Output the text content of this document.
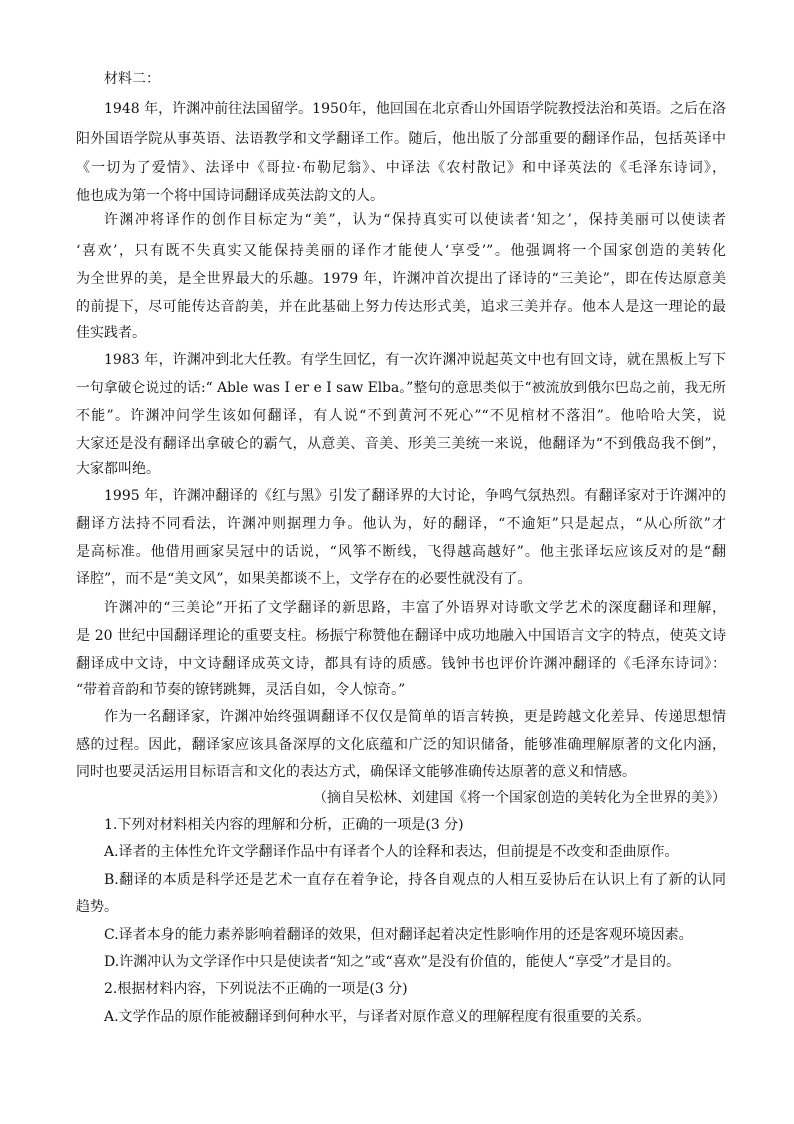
材料二：
1948 年，许渊冲前往法国留学。1950年，他回国在北京香山外国语学院教授法治和英语。之后在洛
阳外国语学院从事英语、法语教学和文学翻译工作。随后，他出版了分部重要的翻译作品，包括英译中
《一切为了爱情》、法译中《哥拉·布勒尼翁》、中译法《农村散记》和中译英法的《毛泽东诗词》，
他也成为第一个将中国诗词翻译成英法韵文的人。
许渊冲将译作的创作目标定为“美”，认为“保持真实可以使读者‘知之’，保持美丽可以使读者
‘喜欢’，只有既不失真实又能保持美丽的译作才能使人‘享受’”。他强调将一个国家创造的美转化
为全世界的美，是全世界最大的乐趣。1979 年，许渊冲首次提出了译诗的“三美论”，即在传达原意美
的前提下，尽可能传达音韵美，并在此基础上努力传达形式美，追求三美并存。他本人是这一理论的最
佳实践者。
1983 年，许渊冲到北大任教。有学生回忆，有一次许渊冲说起英文中也有回文诗，就在黑板上写下
一句拿破仑说过的话:“ Able was I er e I saw Elba。”整句的意思类似于“被流放到俄尔巴岛之前，我无所
不能”。许渊冲问学生该如何翻译，有人说“不到黄河不死心”“不见棺材不落泪”。他哈哈大笑，说
大家还是没有翻译出拿破仑的霸气，从意美、音美、形美三美统一来说，他翻译为“不到俄岛我不倒”，
大家都叫绝。
1995 年，许渊冲翻译的《红与黑》引发了翻译界的大讨论，争鸣气氛热烈。有翻译家对于许渊冲的
翻译方法持不同看法，许渊冲则据理力争。他认为，好的翻译，“不逾矩”只是起点，“从心所欲”才
是高标准。他借用画家吴冠中的话说，“风筝不断线，飞得越高越好”。他主张译坛应该反对的是“翻
译腔”，而不是“美文风”，如果美都谈不上，文学存在的必要性就没有了。
许渊冲的“三美论”开拓了文学翻译的新思路，丰富了外语界对诗歌文学艺术的深度翻译和理解，
是 20 世纪中国翻译理论的重要支柱。杨振宁称赞他在翻译中成功地融入中国语言文字的特点，使英文诗
翻译成中文诗，中文诗翻译成英文诗，都具有诗的质感。钱钟书也评价许渊冲翻译的《毛泽东诗词》：
“带着音韵和节奏的镣铐跳舞，灵活自如，令人惊奇。”
作为一名翻译家，许渊冲始终强调翻译不仅仅是简单的语言转换，更是跨越文化差异、传递思想情
感的过程。因此，翻译家应该具备深厚的文化底蕴和广泛的知识储备，能够准确理解原著的文化内涵，
同时也要灵活运用目标语言和文化的表达方式，确保译文能够准确传达原著的意义和情感。
（摘自吴松林、刘建国《将一个国家创造的美转化为全世界的美》）
1.下列对材料相关内容的理解和分析，正确的一项是(3 分)
A.译者的主体性允许文学翻译作品中有译者个人的诠释和表达，但前提是不改变和歪曲原作。
B.翻译的本质是科学还是艺术一直存在着争论，持各自观点的人相互妥协后在认识上有了新的认同
趋势。
C.译者本身的能力素养影响着翻译的效果，但对翻译起着决定性影响作用的还是客观环境因素。
D.许渊冲认为文学译作中只是使读者“知之”或“喜欢”是没有价值的，能使人“享受”才是目的。
2.根据材料内容，下列说法不正确的一项是(3 分)
A.文学作品的原作能被翻译到何种水平，与译者对原作意义的理解程度有很重要的关系。
